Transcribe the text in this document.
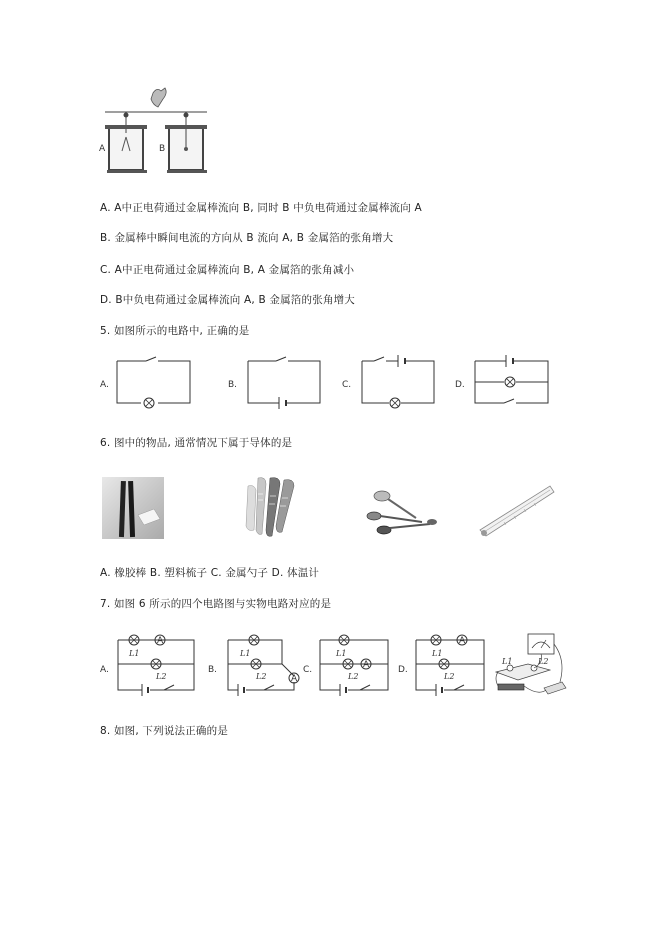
A	B
A. A中正电荷通过金属棒流向 B, 同时 B 中负电荷通过金属棒流向 A
B. 金属棒中瞬间电流的方向从 B 流向 A, B 金属箔的张角增大
C. A中正电荷通过金属棒流向 B, A 金属箔的张角减小
D. B中负电荷通过金属棒流向 A, B 金属箔的张角增大
5. 如图所示的电路中, 正确的是
A.	B.	C.	D.
6. 图中的物品, 通常情况下属于导体的是
A. 橡胶棒 B. 塑料梳子 C. 金属勺子 D. 体温计
7. 如图 6 所示的四个电路图与实物电路对应的是
A.
A
L1
L2
B.
A
L1
L2
C.	A
L1
L2
D.
A
L1
L2
L1	L2
8. 如图, 下列说法正确的是
